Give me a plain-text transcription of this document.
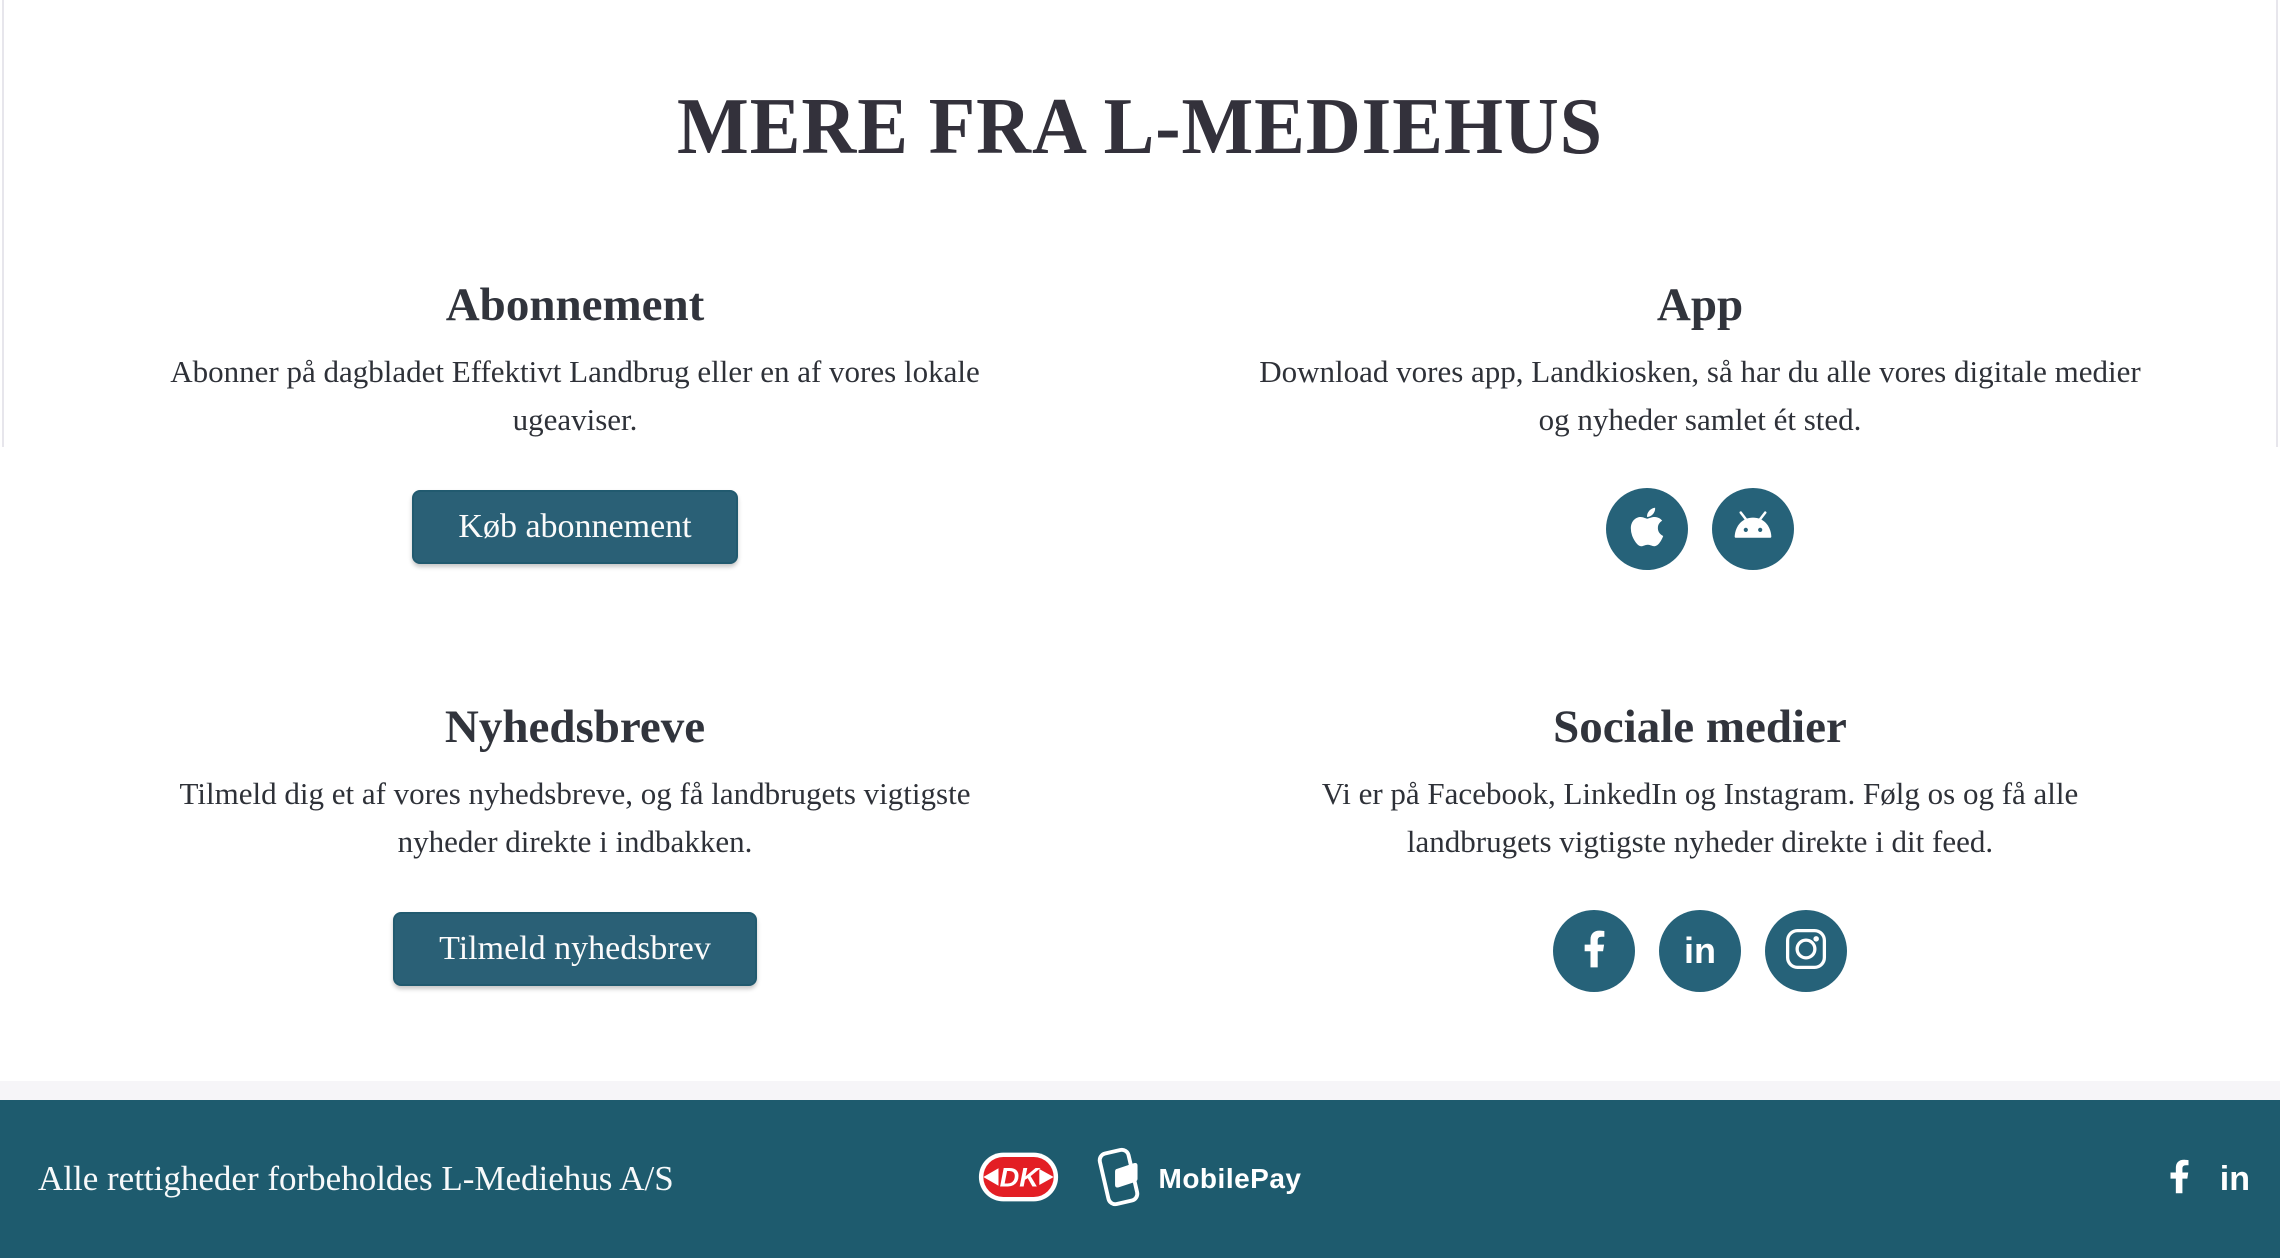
MERE FRA L-MEDIEHUS
Abonnement

Abonner på dagbladet Effektivt Landbrug eller en af vores lokale ugeaviser.

Køb abonnement
App

Download vores app, Landkiosken, så har du alle vores digitale medier og nyheder samlet ét sted.

Nyhedsbreve

Tilmeld dig et af vores nyhedsbreve, og få landbrugets vigtigste nyheder direkte i indbakken.

Tilmeld nyhedsbrev
Sociale medier

Vi er på Facebook, LinkedIn og Instagram. Følg os og få alle landbrugets vigtigste nyheder direkte i dit feed.

in
Alle rettigheder forbeholdes L-Mediehus A/S	DK	MobilePay	in
